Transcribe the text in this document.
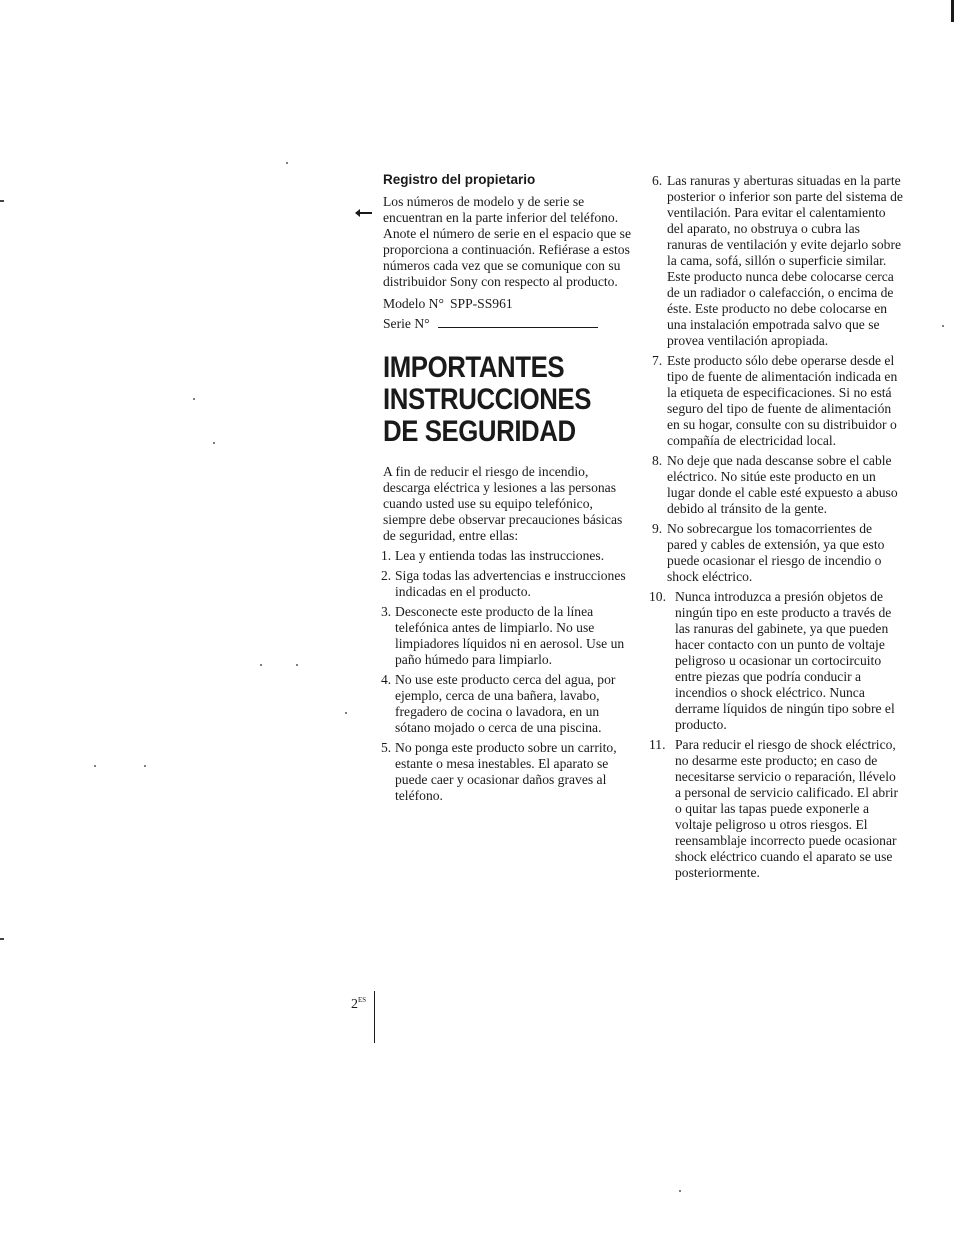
Registro del propietario

Los números de modelo y de serie se encuentran en la parte inferior del teléfono. Anote el número de serie en el espacio que se proporciona a continuación. Refiérase a estos números cada vez que se comunique con su distribuidor Sony con respecto al producto.

Modelo N° SPP-SS961
Serie N°
IMPORTANTES
INSTRUCCIONES
DE SEGURIDAD

A fin de reducir el riesgo de incendio, descarga eléctrica y lesiones a las personas cuando usted use su equipo telefónico, siempre debe observar precauciones básicas de seguridad, entre ellas:

1. Lea y entienda todas las instrucciones.
2. Siga todas las advertencias e instrucciones indicadas en el producto.
3. Desconecte este producto de la línea telefónica antes de limpiarlo. No use limpiadores líquidos ni en aerosol. Use un paño húmedo para limpiarlo.
4. No use este producto cerca del agua, por ejemplo, cerca de una bañera, lavabo, fregadero de cocina o lavadora, en un sótano mojado o cerca de una piscina.
5. No ponga este producto sobre un carrito, estante o mesa inestables. El aparato se puede caer y ocasionar daños graves al teléfono.
6. Las ranuras y aberturas situadas en la parte posterior o inferior son parte del sistema de ventilación. Para evitar el calentamiento del aparato, no obstruya o cubra las ranuras de ventilación y evite dejarlo sobre la cama, sofá, sillón o superficie similar. Este producto nunca debe colocarse cerca de un radiador o calefacción, o encima de éste. Este producto no debe colocarse en una instalación empotrada salvo que se provea ventilación apropiada.
7. Este producto sólo debe operarse desde el tipo de fuente de alimentación indicada en la etiqueta de especificaciones. Si no está seguro del tipo de fuente de alimentación en su hogar, consulte con su distribuidor o compañía de electricidad local.
8. No deje que nada descanse sobre el cable eléctrico. No sitúe este producto en un lugar donde el cable esté expuesto a abuso debido al tránsito de la gente.
9. No sobrecargue los tomacorrientes de pared y cables de extensión, ya que esto puede ocasionar el riesgo de incendio o shock eléctrico.
10. Nunca introduzca a presión objetos de ningún tipo en este producto a través de las ranuras del gabinete, ya que pueden hacer contacto con un punto de voltaje peligroso u ocasionar un cortocircuito entre piezas que podría conducir a incendios o shock eléctrico. Nunca derrame líquidos de ningún tipo sobre el producto.
11. Para reducir el riesgo de shock eléctrico, no desarme este producto; en caso de necesitarse servicio o reparación, llévelo a personal de servicio calificado. El abrir o quitar las tapas puede exponerle a voltaje peligroso u otros riesgos. El reensamblaje incorrecto puede ocasionar shock eléctrico cuando el aparato se use posteriormente.
$2^{ES}$
